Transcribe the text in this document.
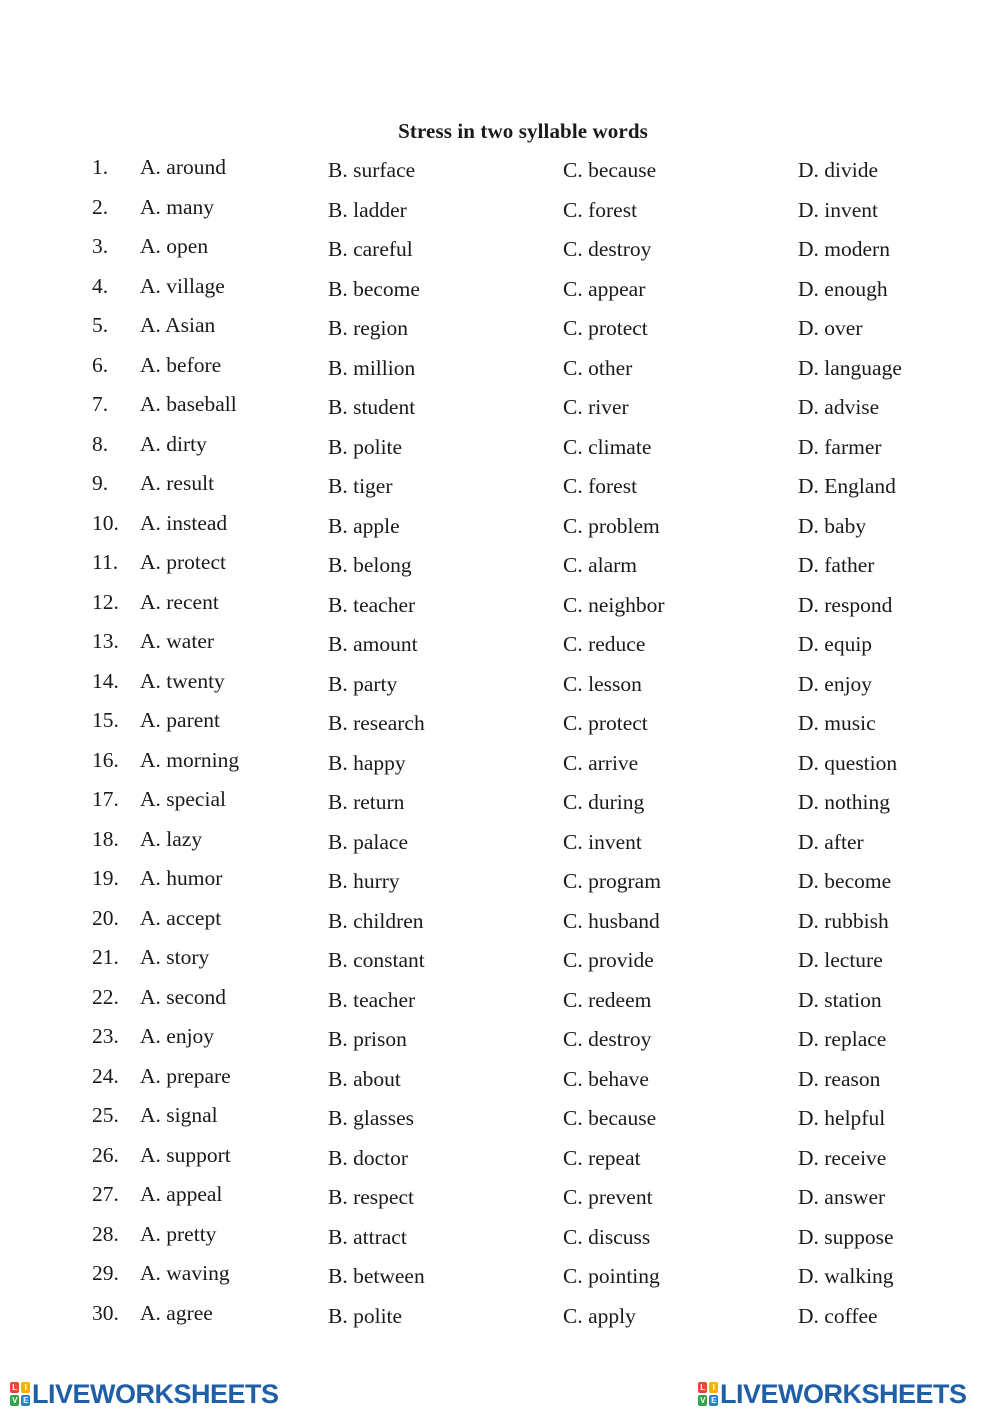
Stress in two syllable words
1. A. around	B. surface	C. because	D. divide
2. A. many	B. ladder	C. forest	D. invent
3. A. open	B. careful	C. destroy	D. modern
4. A. village	B. become	C. appear	D. enough
5. A. Asian	B. region	C. protect	D. over
6. A. before	B. million	C. other	D. language
7. A. baseball	B. student	C. river	D. advise
8. A. dirty	B. polite	C. climate	D. farmer
9. A. result	B. tiger	C. forest	D. England
10. A. instead	B. apple	C. problem	D. baby
11. A. protect	B. belong	C. alarm	D. father
12. A. recent	B. teacher	C. neighbor	D. respond
13. A. water	B. amount	C. reduce	D. equip
14. A. twenty	B. party	C. lesson	D. enjoy
15. A. parent	B. research	C. protect	D. music
16. A. morning	B. happy	C. arrive	D. question
17. A. special	B. return	C. during	D. nothing
18. A. lazy	B. palace	C. invent	D. after
19. A. humor	B. hurry	C. program	D. become
20. A. accept	B. children	C. husband	D. rubbish
21. A. story	B. constant	C. provide	D. lecture
22. A. second	B. teacher	C. redeem	D. station
23. A. enjoy	B. prison	C. destroy	D. replace
24. A. prepare	B. about	C. behave	D. reason
25. A. signal	B. glasses	C. because	D. helpful
26. A. support	B. doctor	C. repeat	D. receive
27. A. appeal	B. respect	C. prevent	D. answer
28. A. pretty	B. attract	C. discuss	D. suppose
29. A. waving	B. between	C. pointing	D. walking
30. A. agree	B. polite	C. apply	D. coffee
L I
V E LIVEWORKSHEETS	L I
V E LIVEWORKSHEETS
